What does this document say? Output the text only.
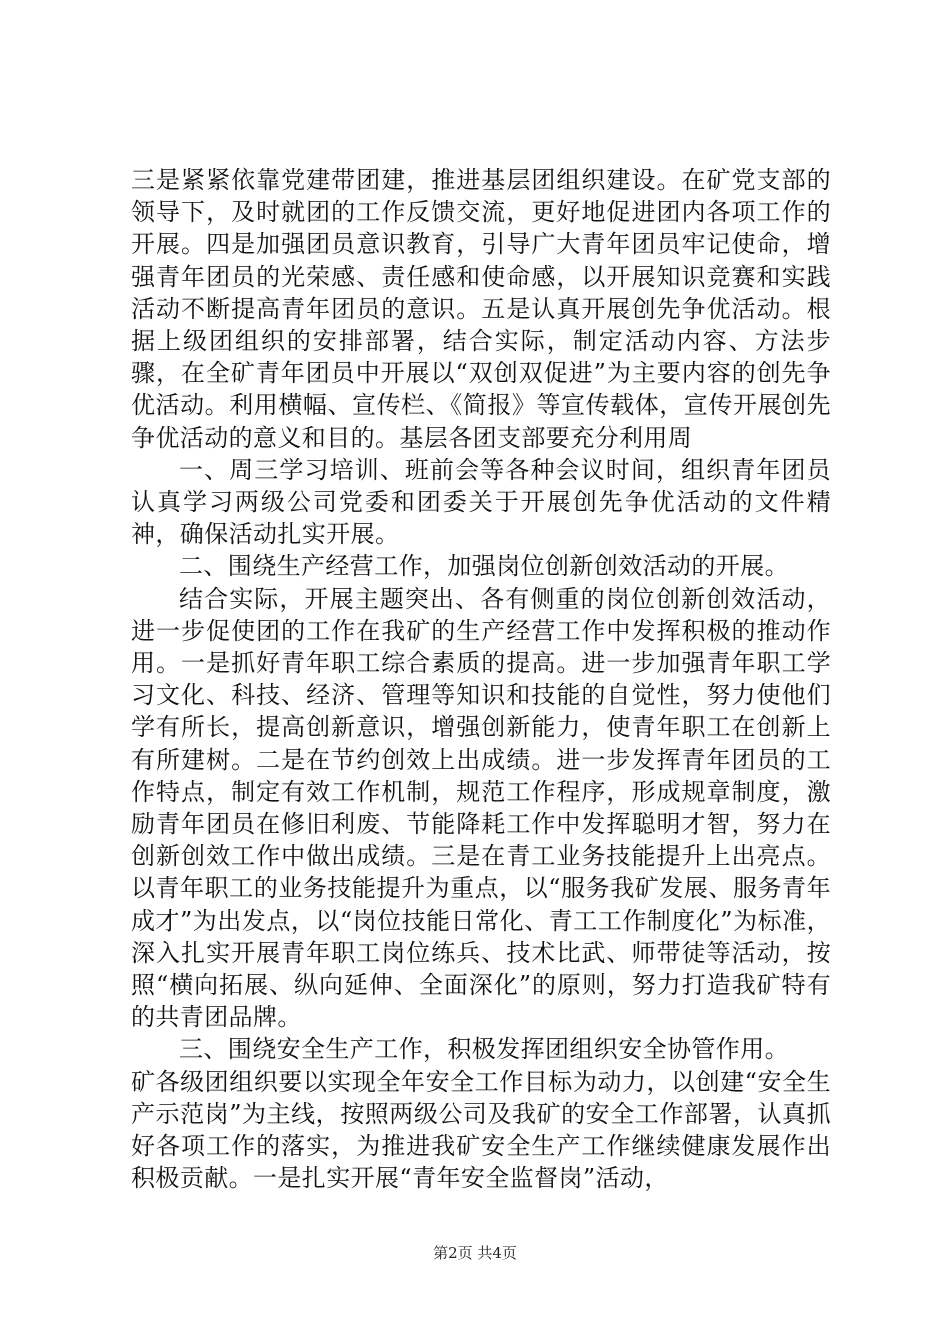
三是紧紧依靠党建带团建，推进基层团组织建设。在矿党支部的领导下，及时就团的工作反馈交流，更好地促进团内各项工作的开展。四是加强团员意识教育，引导广大青年团员牢记使命，增强青年团员的光荣感、责任感和使命感，以开展知识竞赛和实践活动不断提高青年团员的意识。五是认真开展创先争优活动。根据上级团组织的安排部署，结合实际，制定活动内容、方法步骤，在全矿青年团员中开展以“双创双促进”为主要内容的创先争优活动。利用横幅、宣传栏、《简报》等宣传载体，宣传开展创先争优活动的意义和目的。基层各团支部要充分利用周

一、周三学习培训、班前会等各种会议时间，组织青年团员认真学习两级公司党委和团委关于开展创先争优活动的文件精神，确保活动扎实开展。

二、围绕生产经营工作，加强岗位创新创效活动的开展。

结合实际，开展主题突出、各有侧重的岗位创新创效活动，进一步促使团的工作在我矿的生产经营工作中发挥积极的推动作用。一是抓好青年职工综合素质的提高。进一步加强青年职工学习文化、科技、经济、管理等知识和技能的自觉性，努力使他们学有所长，提高创新意识，增强创新能力，使青年职工在创新上有所建树。二是在节约创效上出成绩。进一步发挥青年团员的工作特点，制定有效工作机制，规范工作程序，形成规章制度，激励青年团员在修旧利废、节能降耗工作中发挥聪明才智，努力在创新创效工作中做出成绩。三是在青工业务技能提升上出亮点。以青年职工的业务技能提升为重点，以“服务我矿发展、服务青年成才”为出发点，以“岗位技能日常化、青工工作制度化”为标准，深入扎实开展青年职工岗位练兵、技术比武、师带徒等活动，按照“横向拓展、纵向延伸、全面深化”的原则，努力打造我矿特有的共青团品牌。

三、围绕安全生产工作，积极发挥团组织安全协管作用。

矿各级团组织要以实现全年安全工作目标为动力，以创建“安全生产示范岗”为主线，按照两级公司及我矿的安全工作部署，认真抓好各项工作的落实，为推进我矿安全生产工作继续健康发展作出积极贡献。一是扎实开展“青年安全监督岗”活动，

第2页 共4页
